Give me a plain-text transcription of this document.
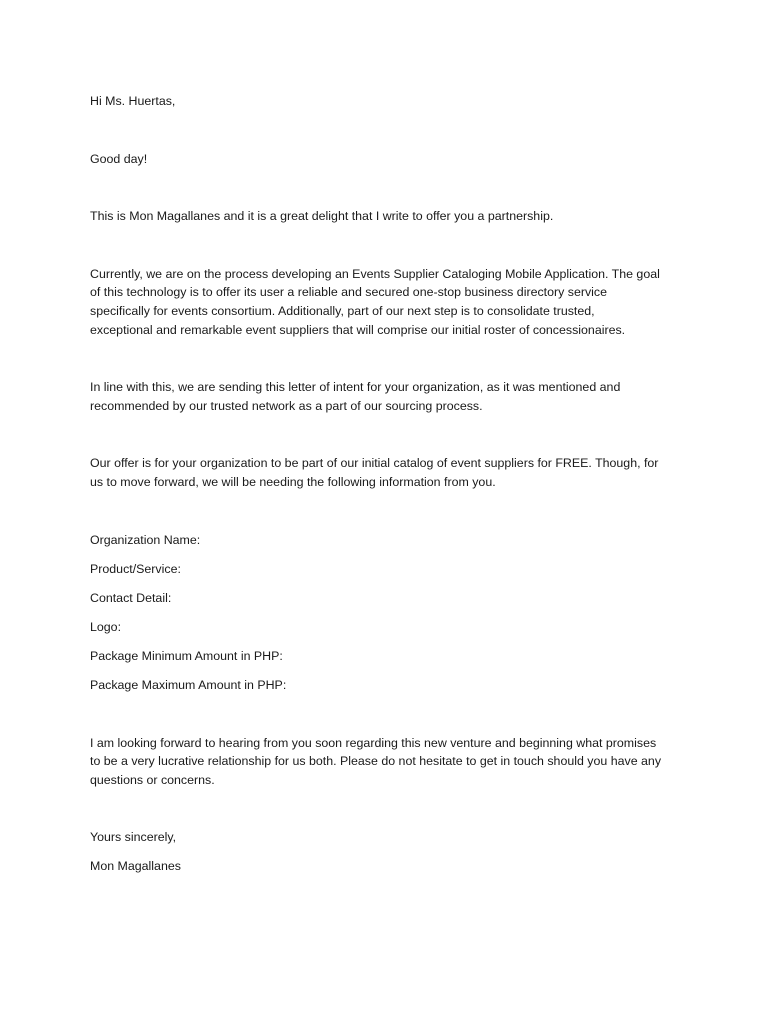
Hi Ms. Huertas,

Good day!

This is Mon Magallanes and it is a great delight that I write to offer you a partnership.

Currently, we are on the process developing an Events Supplier Cataloging Mobile Application. The goal
of this technology is to offer its user a reliable and secured one-stop business directory service
specifically for events consortium. Additionally, part of our next step is to consolidate trusted,
exceptional and remarkable event suppliers that will comprise our initial roster of concessionaires.
In line with this, we are sending this letter of intent for your organization, as it was mentioned and
recommended by our trusted network as a part of our sourcing process.
Our offer is for your organization to be part of our initial catalog of event suppliers for FREE. Though, for
us to move forward, we will be needing the following information from you.

Organization Name:

Product/Service:

Contact Detail:

Logo:

Package Minimum Amount in PHP:

Package Maximum Amount in PHP:

I am looking forward to hearing from you soon regarding this new venture and beginning what promises
to be a very lucrative relationship for us both. Please do not hesitate to get in touch should you have any
questions or concerns.

Yours sincerely,

Mon Magallanes
